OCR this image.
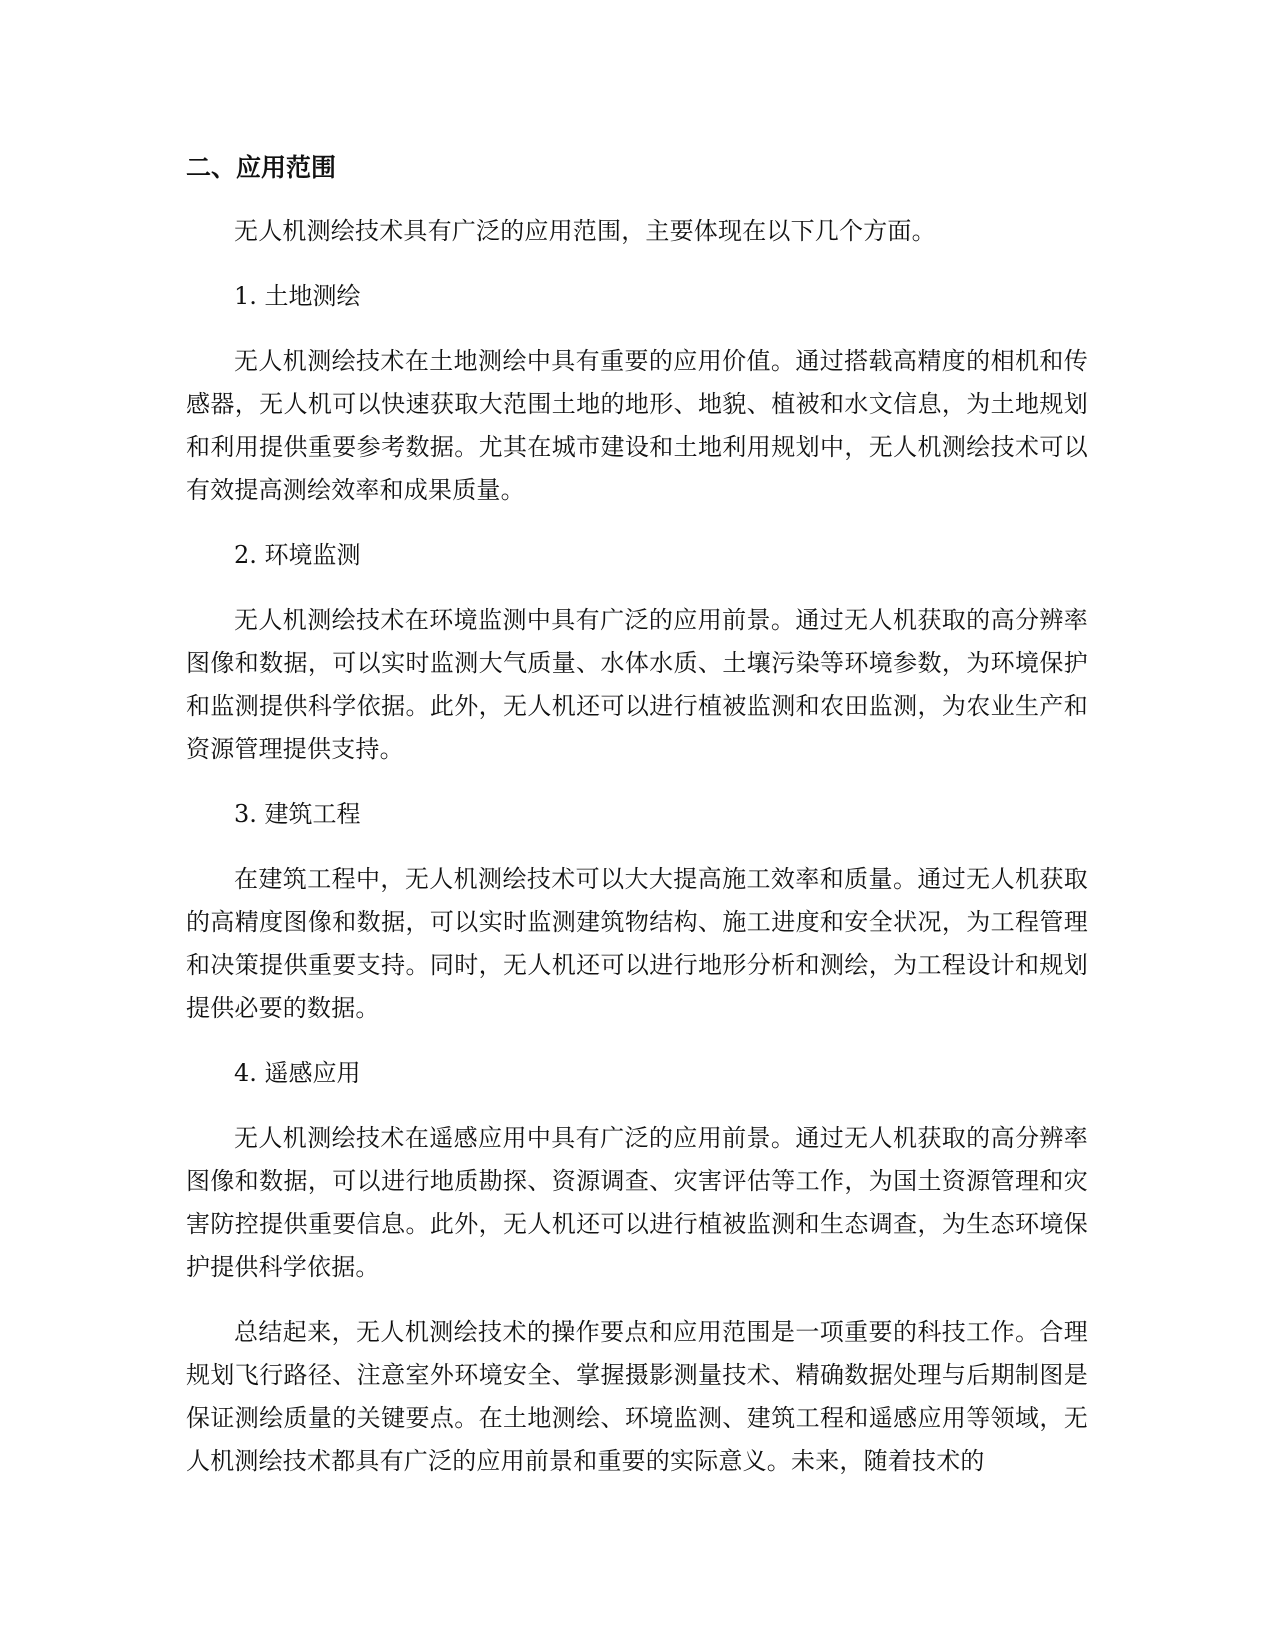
二、应用范围

无人机测绘技术具有广泛的应用范围，主要体现在以下几个方面。

1. 土地测绘

无人机测绘技术在土地测绘中具有重要的应用价值。通过搭载高精度的相机和传感器，无人机可以快速获取大范围土地的地形、地貌、植被和水文信息，为土地规划和利用提供重要参考数据。尤其在城市建设和土地利用规划中，无人机测绘技术可以有效提高测绘效率和成果质量。

2. 环境监测

无人机测绘技术在环境监测中具有广泛的应用前景。通过无人机获取的高分辨率图像和数据，可以实时监测大气质量、水体水质、土壤污染等环境参数，为环境保护和监测提供科学依据。此外，无人机还可以进行植被监测和农田监测，为农业生产和资源管理提供支持。

3. 建筑工程

在建筑工程中，无人机测绘技术可以大大提高施工效率和质量。通过无人机获取的高精度图像和数据，可以实时监测建筑物结构、施工进度和安全状况，为工程管理和决策提供重要支持。同时，无人机还可以进行地形分析和测绘，为工程设计和规划提供必要的数据。

4. 遥感应用

无人机测绘技术在遥感应用中具有广泛的应用前景。通过无人机获取的高分辨率图像和数据，可以进行地质勘探、资源调查、灾害评估等工作，为国土资源管理和灾害防控提供重要信息。此外，无人机还可以进行植被监测和生态调查，为生态环境保护提供科学依据。

总结起来，无人机测绘技术的操作要点和应用范围是一项重要的科技工作。合理规划飞行路径、注意室外环境安全、掌握摄影测量技术、精确数据处理与后期制图是保证测绘质量的关键要点。在土地测绘、环境监测、建筑工程和遥感应用等领域，无人机测绘技术都具有广泛的应用前景和重要的实际意义。未来，随着技术的
